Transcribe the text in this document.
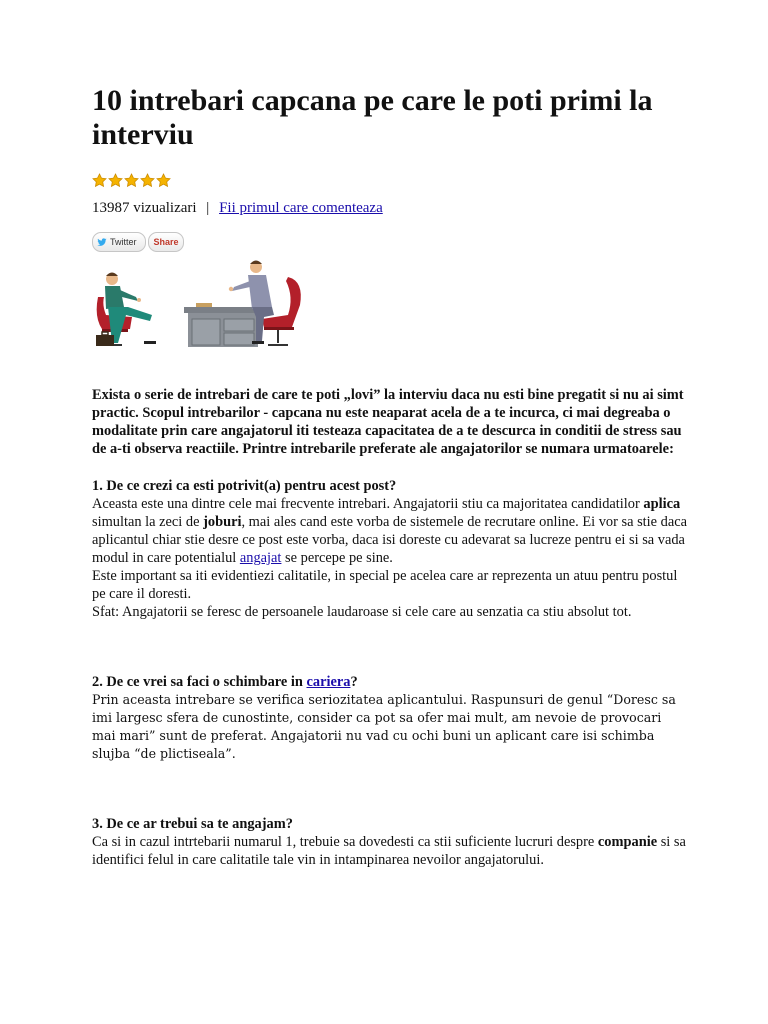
10 intrebari capcana pe care le poti primi la interviu
13987 vizualizari | Fii primul care comenteaza
Twitter Share

Exista o serie de intrebari de care te poti „lovi” la interviu daca nu esti bine pregatit si nu ai simt practic. Scopul intrebarilor - capcana nu este neaparat acela de a te incurca, ci mai degreaba o modalitate prin care angajatorul iti testeaza capacitatea de a te descurca in conditii de stress sau de a-ti observa reactiile. Printre intrebarile preferate ale angajatorilor se numara urmatoarele:

1. De ce crezi ca esti potrivit(a) pentru acest post?

Aceasta este una dintre cele mai frecvente intrebari. Angajatorii stiu ca majoritatea candidatilor aplica simultan la zeci de joburi, mai ales cand este vorba de sistemele de recrutare online. Ei vor sa stie daca aplicantul chiar stie desre ce post este vorba, daca isi doreste cu adevarat sa lucreze pentru ei si sa vada modul in care potentialul angajat se percepe pe sine.

Este important sa iti evidentiezi calitatile, in special pe acelea care ar reprezenta un atuu pentru postul pe care il doresti.

Sfat: Angajatorii se feresc de persoanele laudaroase si cele care au senzatia ca stiu absolut tot.

2. De ce vrei sa faci o schimbare in cariera?

Prin aceasta intrebare se verifica seriozitatea aplicantului. Raspunsuri de genul “Doresc sa imi largesc sfera de cunostinte, consider ca pot sa ofer mai mult, am nevoie de provocari mai mari” sunt de preferat. Angajatorii nu vad cu ochi buni un aplicant care isi schimba slujba “de plictiseala”.

3. De ce ar trebui sa te angajam?

Ca si in cazul intrtebarii numarul 1, trebuie sa dovedesti ca stii suficiente lucruri despre companie si sa identifici felul in care calitatile tale vin in intampinarea nevoilor angajatorului.
